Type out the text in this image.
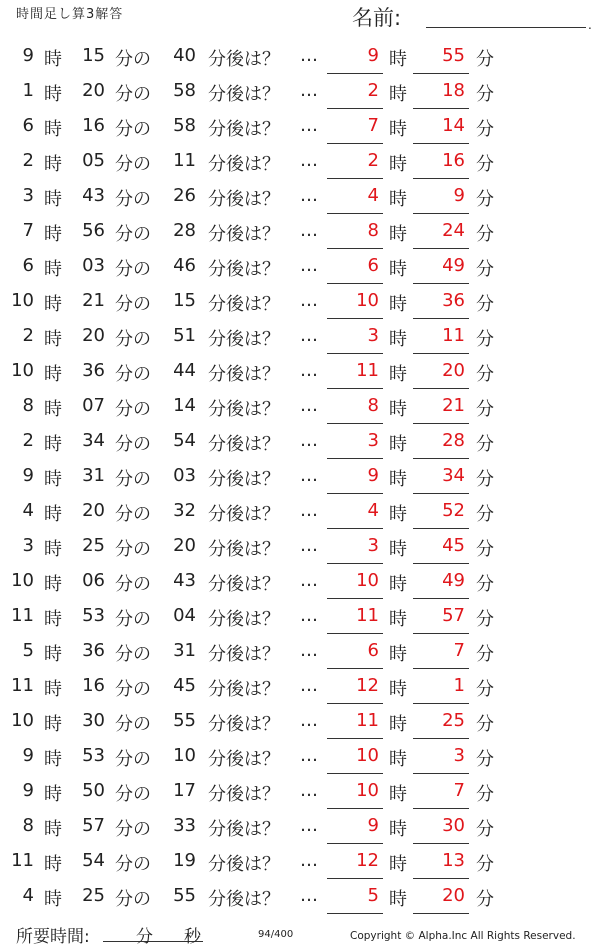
時間足し算3解答	名前:	.
9 時	15 分の	40 分後は？ …	9 時 55 分
1 時	20 分の	58 分後は？ …	2 時 18 分
6 時	16 分の	58 分後は？ …	7 時 14 分
2 時	05 分の	11 分後は？ …	2 時 16 分
3 時	43 分の	26 分後は？ …	4 時	9 分
7 時	56 分の	28 分後は？ …	8 時 24 分
6 時	03 分の	46 分後は？ …	6 時 49 分
10 時	21 分の	15 分後は？ … 10 時 36 分
2 時	20 分の	51 分後は？ …	3 時 11 分
10 時	36 分の	44 分後は？ … 11 時 20 分
8 時	07 分の	14 分後は？ …	8 時 21 分
2 時	34 分の	54 分後は？ …	3 時 28 分
9 時	31 分の	03 分後は？ …	9 時 34 分
4 時	20 分の	32 分後は？ …	4 時 52 分
3 時	25 分の	20 分後は？ …	3 時 45 分
10 時	06 分の	43 分後は？ … 10 時 49 分
11 時	53 分の	04 分後は？ … 11 時 57 分
5 時	36 分の	31 分後は？ …	6 時	7 分
11 時	16 分の	45 分後は？ … 12 時	1 分
10 時	30 分の	55 分後は？ … 11 時 25 分
9 時	53 分の	10 分後は？ … 10 時	3 分
9 時	50 分の	17 分後は？ … 10 時	7 分
8 時	57 分の	33 分後は？ …	9 時 30 分
11 時	54 分の	19 分後は？ … 12 時 13 分
4 時	25 分の	55 分後は？ …	5 時 20 分
所要時間:	分 秒	94/400	Copyright © Alpha.Inc All Rights Reserved.
